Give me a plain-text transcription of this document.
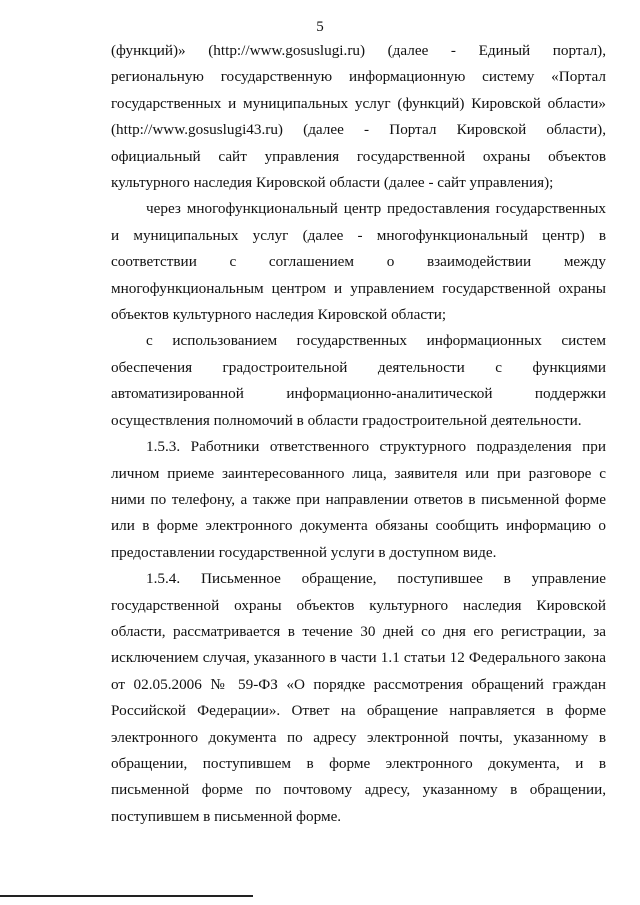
5

(функций)» (http://www.gosuslugi.ru) (далее - Единый портал), региональную государственную информационную систему «Портал государственных и муниципальных услуг (функций) Кировской области» (http://www.gosuslugi43.ru) (далее - Портал Кировской области), официальный сайт управления государственной охраны объектов культурного наследия Кировской области (далее - сайт управления);

через многофункциональный центр предоставления государственных и муниципальных услуг (далее - многофункциональный центр) в соответствии с соглашением о взаимодействии между многофункциональным центром и управлением государственной охраны объектов культурного наследия Кировской области;

с использованием государственных информационных систем обеспечения градостроительной деятельности с функциями автоматизированной информационно-аналитической поддержки осуществления полномочий в области градостроительной деятельности.

1.5.3. Работники ответственного структурного подразделения при личном приеме заинтересованного лица, заявителя или при разговоре с ними по телефону, а также при направлении ответов в письменной форме или в форме электронного документа обязаны сообщить информацию о предоставлении государственной услуги в доступном виде.

1.5.4. Письменное обращение, поступившее в управление государственной охраны объектов культурного наследия Кировской области, рассматривается в течение 30 дней со дня его регистрации, за исключением случая, указанного в части 1.1 статьи 12 Федерального закона от 02.05.2006 № 59-ФЗ «О порядке рассмотрения обращений граждан Российской Федерации». Ответ на обращение направляется в форме электронного документа по адресу электронной почты, указанному в обращении, поступившем в форме электронного документа, и в письменной форме по почтовому адресу, указанному в обращении, поступившем в письменной форме.
